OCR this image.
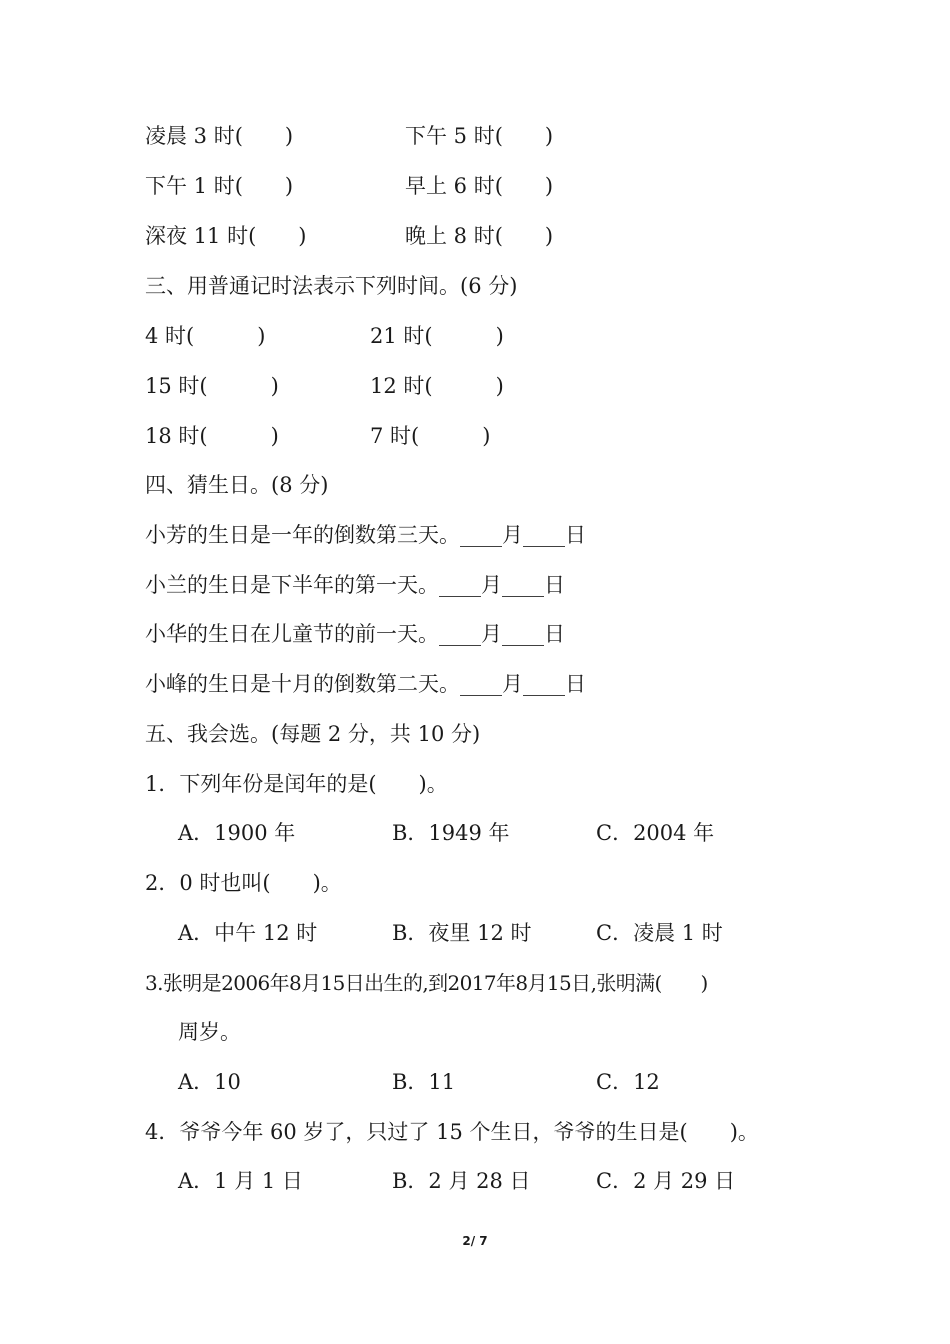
凌晨 3 时(　　)	下午 5 时(　　)
下午 1 时(　　)	早上 6 时(　　)
深夜 11 时(　　)	晚上 8 时(　　)
三、用普通记时法表示下列时间。(6 分)
4 时(　　　)	21 时(　　　)
15 时(　　　)	12 时(　　　)
18 时(　　　)	7 时(　　　)
四、猜生日。(8 分)
小芳的生日是一年的倒数第三天。____月____日
小兰的生日是下半年的第一天。____月____日
小华的生日在儿童节的前一天。____月____日
小峰的生日是十月的倒数第二天。____月____日
五、我会选。(每题 2 分，共 10 分)
1．下列年份是闰年的是(　　)。
A．1900 年	B．1949 年	C．2004 年
2．0 时也叫(　　)。
A．中午 12 时	B．夜里 12 时	C．凌晨 1 时
3.张明是2006年8月15日出生的,到2017年8月15日,张明满(　　)
周岁。
A．10	B．11	C．12
4．爷爷今年 60 岁了，只过了 15 个生日，爷爷的生日是(　　)。
A．1 月 1 日	B．2 月 28 日	C．2 月 29 日
2/ 7
